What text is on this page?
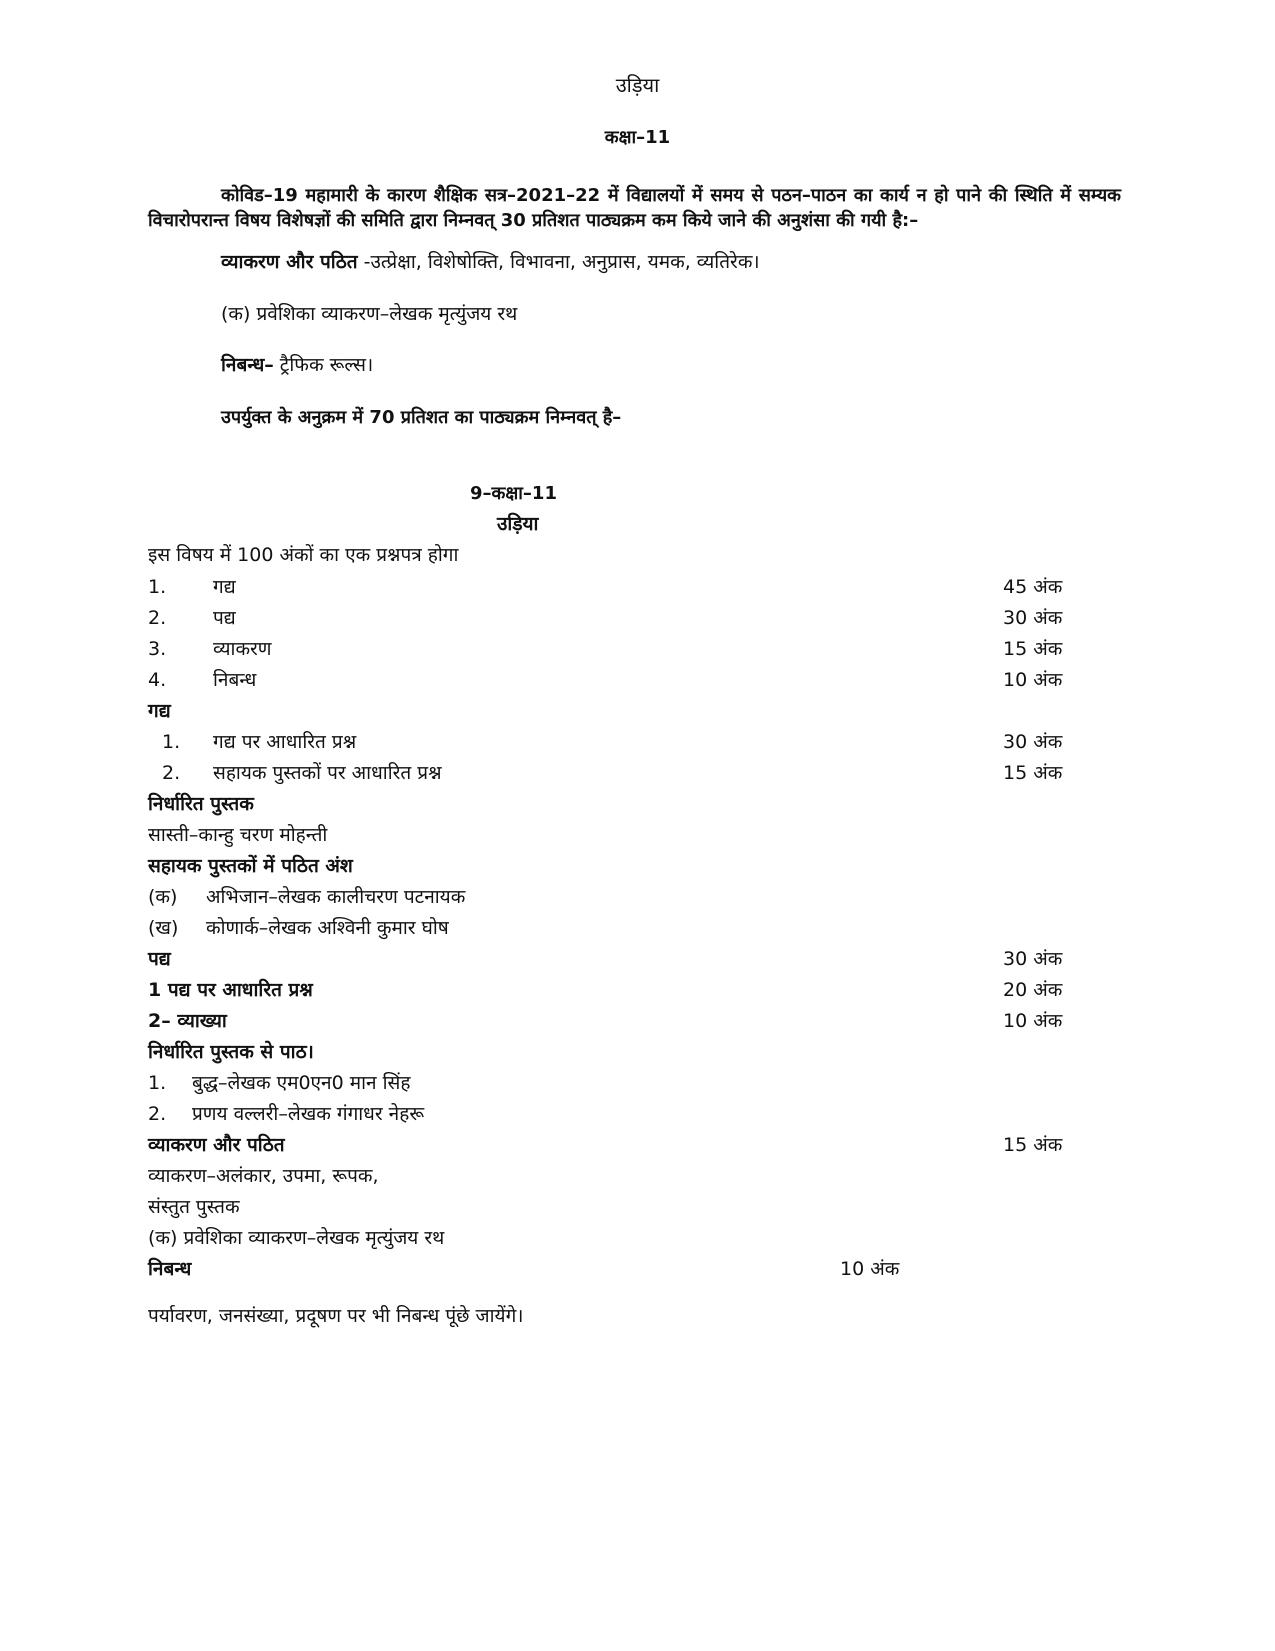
उड़िया
कक्षा–11
कोविड–19 महामारी के कारण शैक्षिक सत्र–2021–22 में विद्यालयों में समय से पठन–पाठन का कार्य न हो पाने की स्थिति में सम्यक विचारोपरान्त विषय विशेषज्ञों की समिति द्वारा निम्नवत् 30 प्रतिशत पाठ्यक्रम कम किये जाने की अनुशंसा की गयी है:–
व्याकरण और पठित -उत्प्रेक्षा, विशेषोक्ति, विभावना, अनुप्रास, यमक, व्यतिरेक।
(क) प्रवेशिका व्याकरण–लेखक मृत्युंजय रथ
निबन्ध– ट्रैफिक रूल्स।
उपर्युक्त के अनुक्रम में 70 प्रतिशत का पाठ्यक्रम निम्नवत् है–
9–कक्षा–11
उड़िया
इस विषय में 100 अंकों का एक प्रश्नपत्र होगा
1. गद्य	45 अंक
2. पद्य	30 अंक
3. व्याकरण	15 अंक
4. निबन्ध	10 अंक
गद्य
1. गद्य पर आधारित प्रश्न	30 अंक
2. सहायक पुस्तकों पर आधारित प्रश्न	15 अंक
निर्धारित पुस्तक
सास्ती–कान्हु चरण मोहन्ती
सहायक पुस्तकों में पठित अंश
(क) अभिजान–लेखक कालीचरण पटनायक
(ख) कोणार्क–लेखक अश्विनी कुमार घोष
पद्य	30 अंक
1 पद्य पर आधारित प्रश्न	20 अंक
2– व्याख्या	10 अंक
निर्धारित पुस्तक से पाठ।
1. बुद्ध–लेखक एम0एन0 मान सिंह
2. प्रणय वल्लरी–लेखक गंगाधर नेहरू
व्याकरण और पठित	15 अंक
व्याकरण–अलंकार, उपमा, रूपक,
संस्तुत पुस्तक
(क) प्रवेशिका व्याकरण–लेखक मृत्युंजय रथ
निबन्ध	10 अंक
पर्यावरण, जनसंख्या, प्रदूषण पर भी निबन्ध पूंछे जायेंगे।
